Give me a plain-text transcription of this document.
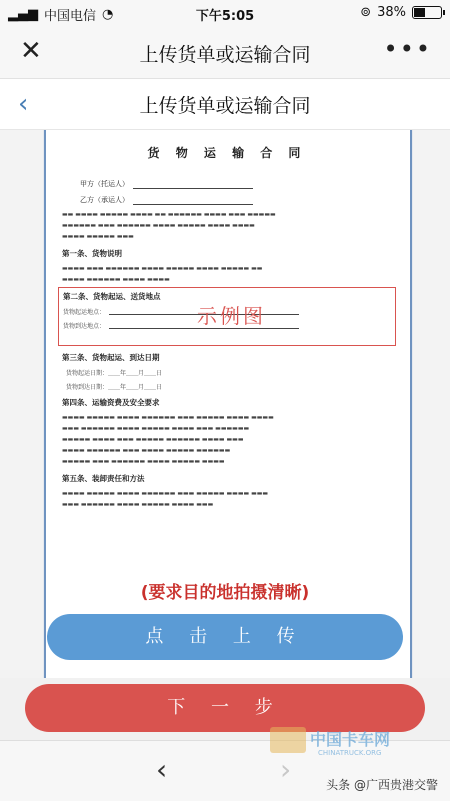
▂▄▆ 中国电信 ◔	下午5:05	⊚ 38%
✕	上传货单或运输合同	•••
‹	上传货单或运输合同
货 物 运 输 合 同
甲方（托运人）
乙方（承运人）
▬▬ ▬▬▬▬ ▬▬▬▬▬ ▬▬▬▬ ▬▬ ▬▬▬▬▬▬ ▬▬▬▬ ▬▬▬ ▬▬▬▬▬
▬▬▬▬▬▬ ▬▬▬ ▬▬▬▬▬▬ ▬▬▬▬ ▬▬▬▬▬ ▬▬▬▬ ▬▬▬▬
▬▬▬▬ ▬▬▬▬▬ ▬▬▬
第一条、货物说明
▬▬▬▬ ▬▬▬ ▬▬▬▬▬▬ ▬▬▬▬ ▬▬▬▬▬ ▬▬▬▬ ▬▬▬▬▬ ▬▬
▬▬▬▬ ▬▬▬▬▬▬ ▬▬▬▬ ▬▬▬▬
第二条、货物起运、送货地点
货物起运地点：
货物到达地点：	示例图
第三条、货物起运、到达日期
货物起运日期：＿＿年＿＿月＿＿日
货物到达日期：＿＿年＿＿月＿＿日
第四条、运输资费及安全要求
▬▬▬▬ ▬▬▬▬▬ ▬▬▬▬ ▬▬▬▬▬▬ ▬▬▬ ▬▬▬▬▬ ▬▬▬▬ ▬▬▬▬
▬▬▬ ▬▬▬▬▬▬ ▬▬▬▬ ▬▬▬▬▬ ▬▬▬▬ ▬▬▬ ▬▬▬▬▬▬
▬▬▬▬▬ ▬▬▬▬ ▬▬▬ ▬▬▬▬▬ ▬▬▬▬▬▬ ▬▬▬▬ ▬▬▬
▬▬▬▬ ▬▬▬▬▬▬ ▬▬▬ ▬▬▬▬ ▬▬▬▬▬ ▬▬▬▬▬▬
▬▬▬▬▬ ▬▬▬ ▬▬▬▬▬▬ ▬▬▬▬ ▬▬▬▬▬ ▬▬▬▬
第五条、装卸责任和方法
▬▬▬▬ ▬▬▬▬▬ ▬▬▬▬ ▬▬▬▬▬▬ ▬▬▬ ▬▬▬▬▬ ▬▬▬▬ ▬▬▬
▬▬▬ ▬▬▬▬▬▬ ▬▬▬▬ ▬▬▬▬▬ ▬▬▬▬ ▬▬▬
(要求目的地拍摄清晰)
点 击 上 传
下 一 步
‹	›
中国卡车网
CHINATRUCK.ORG
头条 @广西贵港交警
